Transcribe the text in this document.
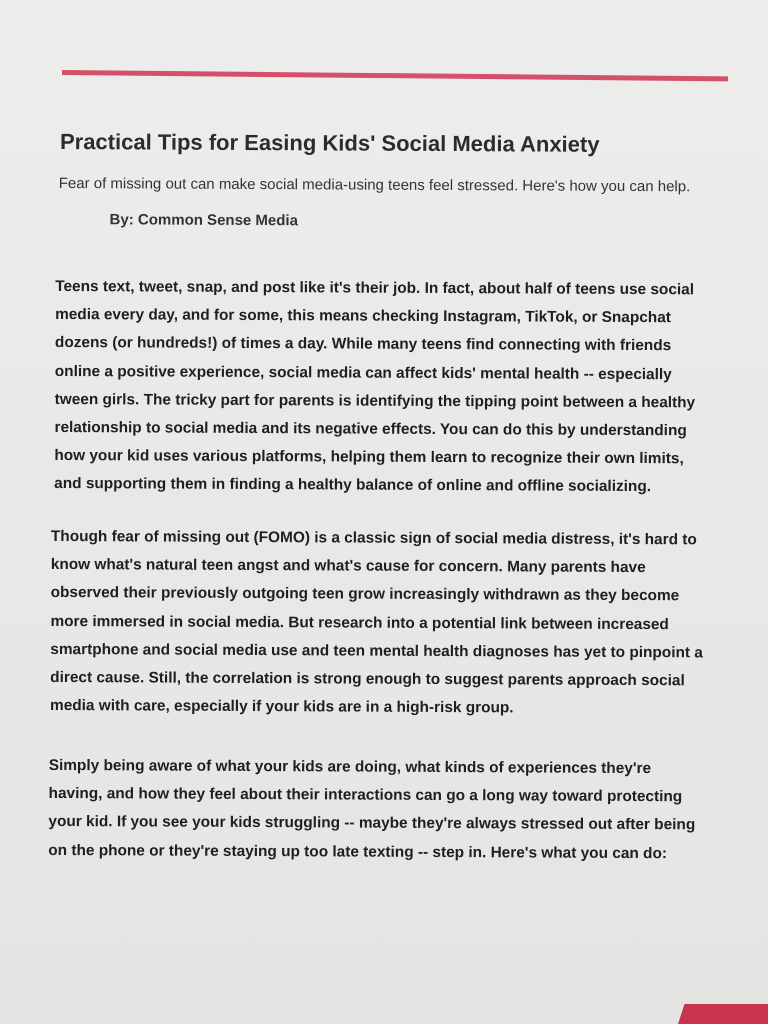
Practical Tips for Easing Kids' Social Media Anxiety

Fear of missing out can make social media-using teens feel stressed. Here's how you can help.

By: Common Sense Media

Teens text, tweet, snap, and post like it's their job. In fact, about half of teens use social
media every day, and for some, this means checking Instagram, TikTok, or Snapchat
dozens (or hundreds!) of times a day. While many teens find connecting with friends
online a positive experience, social media can affect kids' mental health -- especially
tween girls. The tricky part for parents is identifying the tipping point between a healthy
relationship to social media and its negative effects. You can do this by understanding
how your kid uses various platforms, helping them learn to recognize their own limits,
and supporting them in finding a healthy balance of online and offline socializing.
Though fear of missing out (FOMO) is a classic sign of social media distress, it's hard to
know what's natural teen angst and what's cause for concern. Many parents have
observed their previously outgoing teen grow increasingly withdrawn as they become
more immersed in social media. But research into a potential link between increased
smartphone and social media use and teen mental health diagnoses has yet to pinpoint a
direct cause. Still, the correlation is strong enough to suggest parents approach social
media with care, especially if your kids are in a high-risk group.
Simply being aware of what your kids are doing, what kinds of experiences they're
having, and how they feel about their interactions can go a long way toward protecting
your kid. If you see your kids struggling -- maybe they're always stressed out after being
on the phone or they're staying up too late texting -- step in. Here's what you can do:
